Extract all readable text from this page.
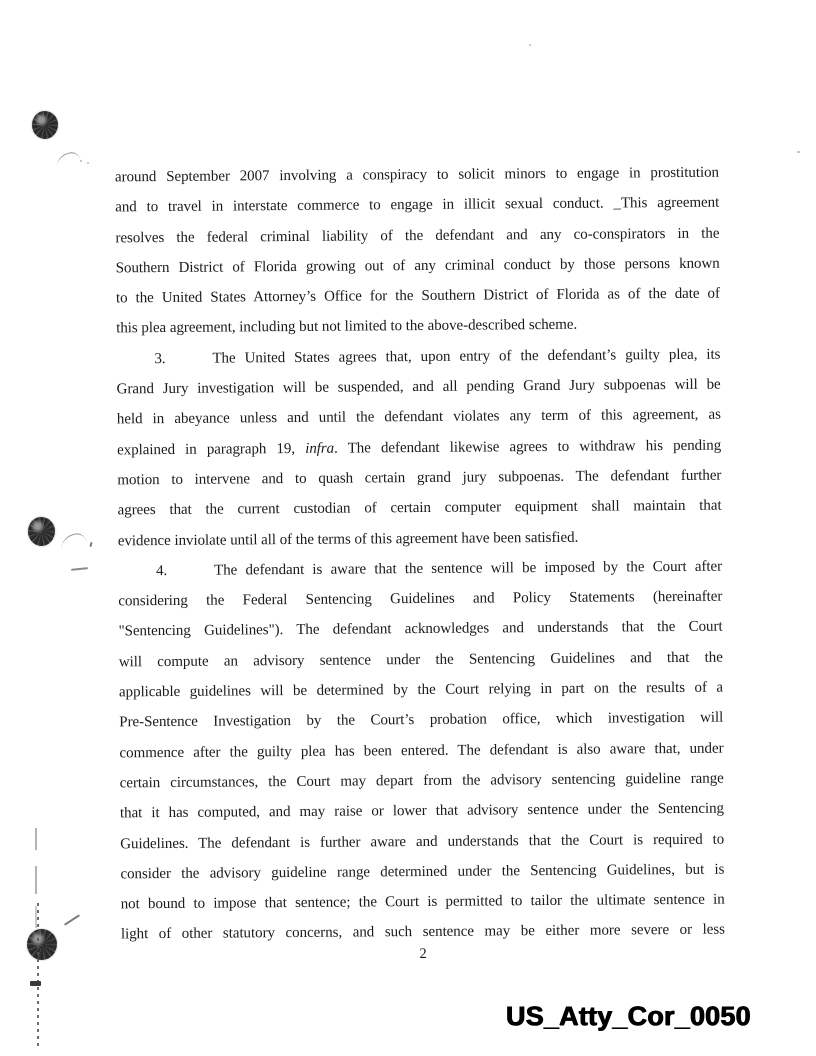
around September 2007 involving a conspiracy to solicit minors to engage in prostitution
and to travel in interstate commerce to engage in illicit sexual conduct. _This agreement
resolves the federal criminal liability of the defendant and any co-conspirators in the
Southern District of Florida growing out of any criminal conduct by those persons known
to the United States Attorney’s Office for the Southern District of Florida as of the date of
this plea agreement, including but not limited to the above-described scheme.
3.	The United States agrees that, upon entry of the defendant’s guilty plea, its
Grand Jury investigation will be suspended, and all pending Grand Jury subpoenas will be
held in abeyance unless and until the defendant violates any term of this agreement, as
explained in paragraph 19, infra. The defendant likewise agrees to withdraw his pending
motion to intervene and to quash certain grand jury subpoenas. The defendant further
agrees that the current custodian of certain computer equipment shall maintain that
evidence inviolate until all of the terms of this agreement have been satisfied.
4.	The defendant is aware that the sentence will be imposed by the Court after
considering the Federal Sentencing Guidelines and Policy Statements (hereinafter
"Sentencing Guidelines"). The defendant acknowledges and understands that the Court
will compute an advisory sentence under the Sentencing Guidelines and that the
applicable guidelines will be determined by the Court relying in part on the results of a
Pre-Sentence Investigation by the Court’s probation office, which investigation will
commence after the guilty plea has been entered. The defendant is also aware that, under
certain circumstances, the Court may depart from the advisory sentencing guideline range
that it has computed, and may raise or lower that advisory sentence under the Sentencing
Guidelines. The defendant is further aware and understands that the Court is required to
consider the advisory guideline range determined under the Sentencing Guidelines, but is
not bound to impose that sentence; the Court is permitted to tailor the ultimate sentence in
light of other statutory concerns, and such sentence may be either more severe or less
2
US_Atty_Cor_0050
